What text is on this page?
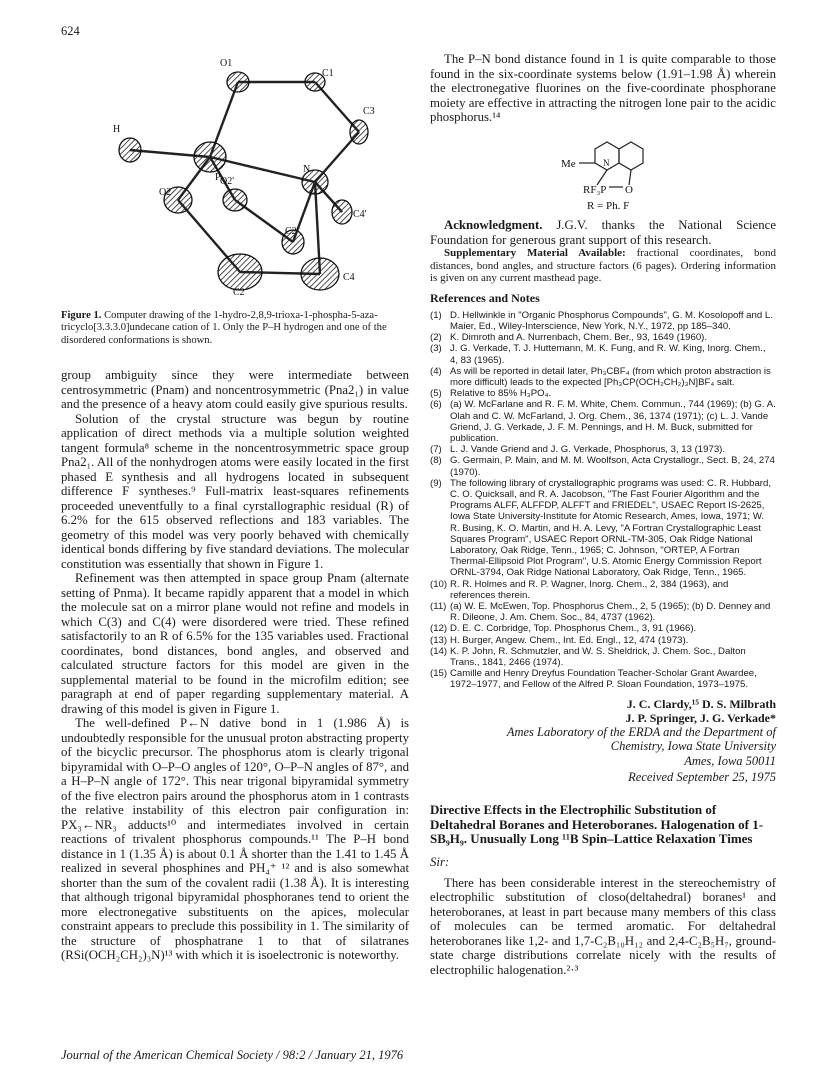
624
O1
C1
C3
H
P
N
O2
O2'
C4'
C2'
C2
C4
Figure 1. Computer drawing of the 1-hydro-2,8,9-trioxa-1-phospha-5-aza-tricyclo[3.3.3.0]undecane cation of 1. Only the P–H hydrogen and one of the disordered conformations is shown.

group ambiguity since they were intermediate between centrosymmetric (Pnam) and noncentrosymmetric (Pna2₁) in value and the presence of a heavy atom could easily give spurious results.

Solution of the crystal structure was begun by routine application of direct methods via a multiple solution weighted tangent formula⁸ scheme in the noncentrosymmetric space group Pna2₁. All of the nonhydrogen atoms were easily located in the first phased E synthesis and all hydrogens located in subsequent difference F syntheses.⁹ Full-matrix least-squares refinements proceeded uneventfully to a final cyrstallographic residual (R) of 6.2% for the 615 observed reflections and 183 variables. The geometry of this model was very poorly behaved with chemically identical bonds differing by five standard deviations. The molecular constitution was essentially that shown in Figure 1.

Refinement was then attempted in space group Pnam (alternate setting of Pnma). It became rapidly apparent that a model in which the molecule sat on a mirror plane would not refine and models in which C(3) and C(4) were disordered were tried. These refined satisfactorily to an R of 6.5% for the 135 variables used. Fractional coordinates, bond distances, bond angles, and observed and calculated structure factors for this model are given in the supplemental material to be found in the microfilm edition; see paragraph at end of paper regarding supplementary material. A drawing of this model is given in Figure 1.

The well-defined P←N dative bond in 1 (1.986 Å) is undoubtedly responsible for the unusual proton abstracting property of the bicyclic precursor. The phosphorus atom is clearly trigonal bipyramidal with O–P–O angles of 120°, O–P–N angles of 87°, and a H–P–N angle of 172°. This near trigonal bipyramidal symmetry of the five electron pairs around the phosphorus atom in 1 contrasts the relative instability of this electron pair configuration in: PX₃←NR₃ adducts¹⁰ and intermediates involved in certain reactions of trivalent phosphorus compounds.¹¹ The P–H bond distance in 1 (1.35 Å) is about 0.1 Å shorter than the 1.41 to 1.45 Å realized in several phosphines and PH₄⁺ ¹² and is also somewhat shorter than the sum of the covalent radii (1.38 Å). It is interesting that although trigonal bipyramidal phosphoranes tend to orient the more electronegative substituents on the apices, molecular constraint appears to preclude this possibility in 1. The similarity of the structure of phosphatrane 1 to that of silatranes (RSi(OCH₂CH₂)₃N)¹³ with which it is isoelectronic is noteworthy.

The P–N bond distance found in 1 is quite comparable to those found in the six-coordinate systems below (1.91–1.98 Å) wherein the electronegative fluorines on the five-coordinate phosphorane moiety are effective in attracting the nitrogen lone pair to the acidic phosphorus.¹⁴

Me	N
RF₃P O
R = Ph. F

Acknowledgment. J.G.V. thanks the National Science Foundation for generous grant support of this research.

Supplementary Material Available: fractional coordinates, bond distances, bond angles, and structure factors (6 pages). Ordering information is given on any current masthead page.

References and Notes
(1) D. Hellwinkle in "Organic Phosphorus Compounds", G. M. Kosolopoff and L. Maier, Ed., Wiley-Interscience, New York, N.Y., 1972, pp 185–340.
(2) K. Dimroth and A. Nurrenbach, Chem. Ber., 93, 1649 (1960).
(3) J. G. Verkade, T. J. Huttemann, M. K. Fung, and R. W. King, Inorg. Chem., 4, 83 (1965).
(4) As will be reported in detail later, Ph₃CBF₄ (from which proton abstraction is more difficult) leads to the expected [Ph₃CP(OCH₂CH₂)₃N]BF₄ salt.
(5) Relative to 85% H₃PO₄.
(6) (a) W. McFarlane and R. F. M. White, Chem. Commun., 744 (1969); (b) G. A. Olah and C. W. McFarland, J. Org. Chem., 36, 1374 (1971); (c) L. J. Vande Griend, J. G. Verkade, J. F. M. Pennings, and H. M. Buck, submitted for publication.
(7) L. J. Vande Griend and J. G. Verkade, Phosphorus, 3, 13 (1973).
(8) G. Germain, P. Main, and M. M. Woolfson, Acta Crystallogr., Sect. B, 24, 274 (1970).
(9) The following library of crystallographic programs was used: C. R. Hubbard, C. O. Quicksall, and R. A. Jacobson, "The Fast Fourier Algorithm and the Programs ALFF, ALFFDP, ALFFT and FRIEDEL", USAEC Report IS-2625, Iowa State University-Institute for Atomic Research, Ames, Iowa, 1971; W. R. Busing, K. O. Martin, and H. A. Levy, "A Fortran Crystallographic Least Squares Program", USAEC Report ORNL-TM-305, Oak Ridge National Laboratory, Oak Ridge, Tenn., 1965; C. Johnson, "ORTEP, A Fortran Thermal-Ellipsoid Plot Program", U.S. Atomic Energy Commission Report ORNL-3794, Oak Ridge National Laboratory, Oak Ridge, Tenn., 1965.
(10) R. R. Holmes and R. P. Wagner, Inorg. Chem., 2, 384 (1963), and references therein.
(11) (a) W. E. McEwen, Top. Phosphorus Chem., 2, 5 (1965); (b) D. Denney and R. Dileone, J. Am. Chem. Soc., 84, 4737 (1962).
(12) D. E. C. Corbridge, Top. Phosphorus Chem., 3, 91 (1966).
(13) H. Burger, Angew. Chem., Int. Ed. Engl., 12, 474 (1973).
(14) K. P. John, R. Schmutzler, and W. S. Sheldrick, J. Chem. Soc., Dalton Trans., 1841, 2466 (1974).
(15) Camille and Henry Dreyfus Foundation Teacher-Scholar Grant Awardee, 1972–1977, and Fellow of the Alfred P. Sloan Foundation, 1973–1975.
J. C. Clardy,¹⁵ D. S. Milbrath
J. P. Springer, J. G. Verkade*
Ames Laboratory of the ERDA and the Department of
Chemistry, Iowa State University
Ames, Iowa 50011
Received September 25, 1975
Directive Effects in the Electrophilic Substitution of Deltahedral Boranes and Heteroboranes. Halogenation of 1-SB₉H₉. Unusually Long ¹¹B Spin–Lattice Relaxation Times
Sir:

There has been considerable interest in the stereochemistry of electrophilic substitution of closo(deltahedral) boranes¹ and heteroboranes, at least in part because many members of this class of molecules can be termed aromatic. For deltahedral heteroboranes like 1,2- and 1,7-C₂B₁₀H₁₂ and 2,4-C₂B₅H₇, ground-state charge distributions correlate nicely with the results of electrophilic halogenation.²·³

Journal of the American Chemical Society / 98:2 / January 21, 1976
